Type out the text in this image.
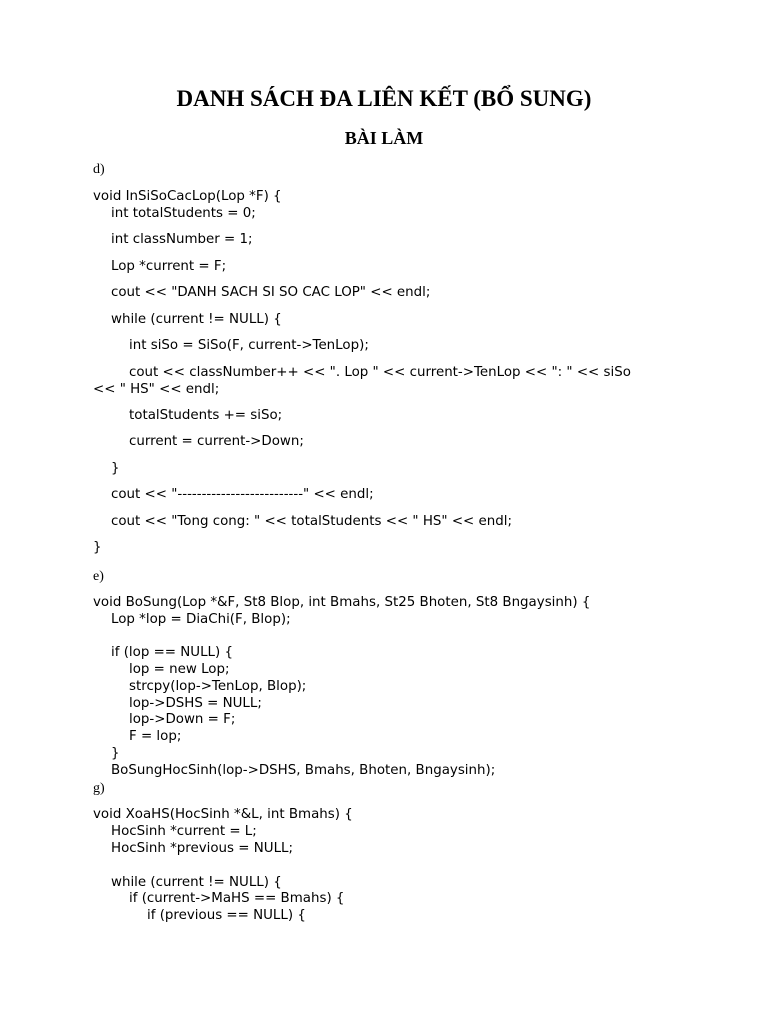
DANH SÁCH ĐA LIÊN KẾT (BỔ SUNG)
BÀI LÀM
d)
void InSiSoCacLop(Lop *F) {
int totalStudents = 0;
int classNumber = 1;
Lop *current = F;
cout << "DANH SACH SI SO CAC LOP" << endl;
while (current != NULL) {
int siSo = SiSo(F, current->TenLop);
cout << classNumber++ << ". Lop " << current->TenLop << ": " << siSo
<< " HS" << endl;
totalStudents += siSo;
current = current->Down;
}
cout << "--------------------------" << endl;
cout << "Tong cong: " << totalStudents << " HS" << endl;
}
e)
void BoSung(Lop *&F, St8 Blop, int Bmahs, St25 Bhoten, St8 Bngaysinh) {
Lop *lop = DiaChi(F, Blop);
if (lop == NULL) {
lop = new Lop;
strcpy(lop->TenLop, Blop);
lop->DSHS = NULL;
lop->Down = F;
F = lop;
}
BoSungHocSinh(lop->DSHS, Bmahs, Bhoten, Bngaysinh);
g)
void XoaHS(HocSinh *&L, int Bmahs) {
HocSinh *current = L;
HocSinh *previous = NULL;
while (current != NULL) {
if (current->MaHS == Bmahs) {
if (previous == NULL) {
